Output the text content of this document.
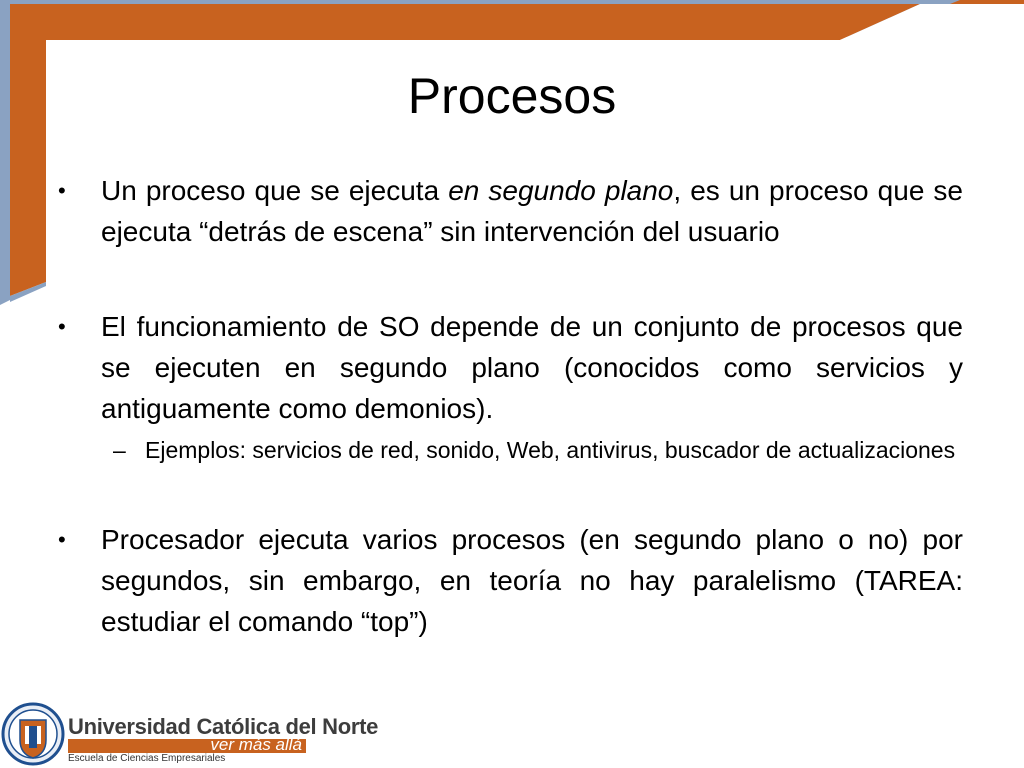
Procesos
•	Un proceso que se ejecuta en segundo plano, es un proceso que se ejecuta “detrás de escena” sin intervención del usuario
•	El funcionamiento de SO depende de un conjunto de procesos que se ejecuten en segundo plano (conocidos como servicios y antiguamente como demonios).
– Ejemplos: servicios de red, sonido, Web, antivirus, buscador de actualizaciones
•	Procesador ejecuta varios procesos (en segundo plano o no) por segundos, sin embargo, en teoría no hay paralelismo (TAREA: estudiar el comando “top”)
Universidad Católica del Norte
ver más allá
Escuela de Ciencias Empresariales
